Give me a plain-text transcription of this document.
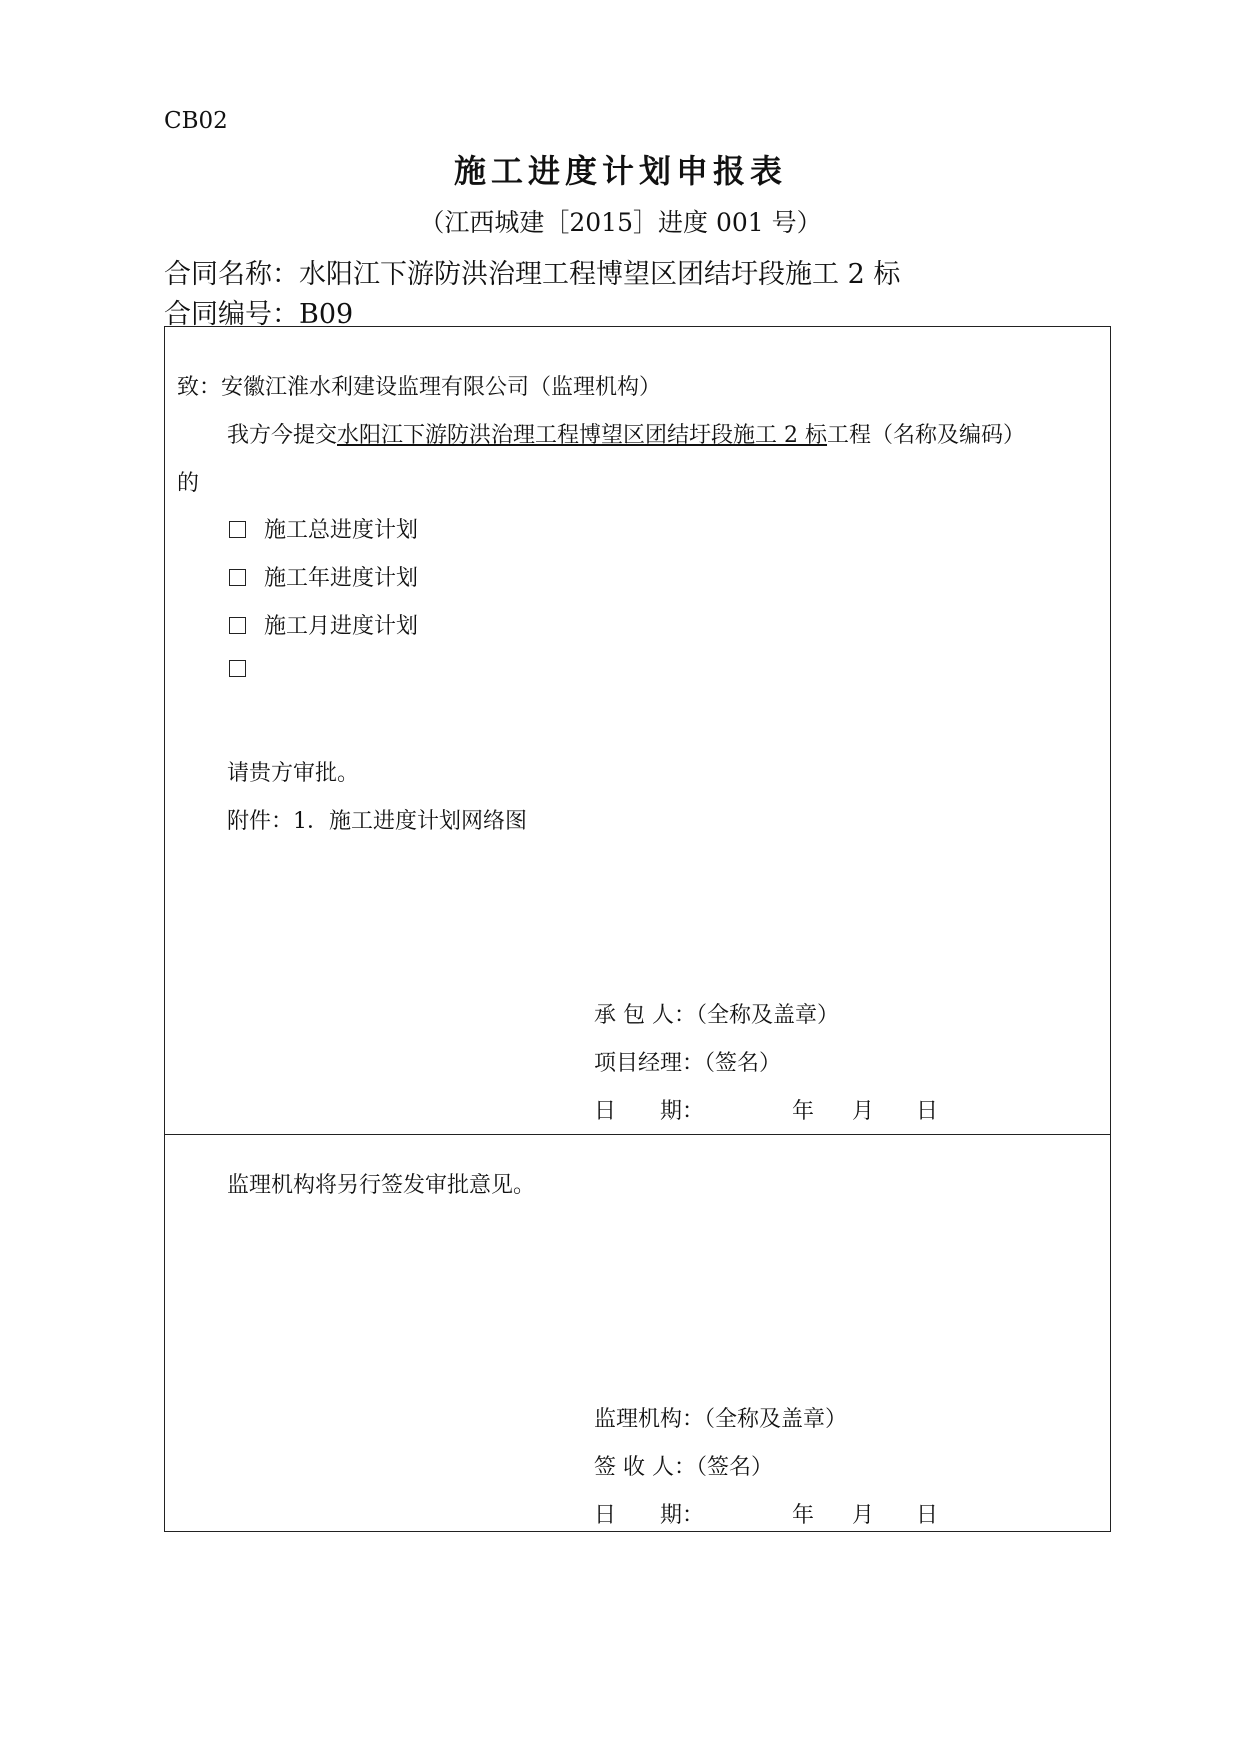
CB02
施工进度计划申报表
（江西城建［2015］进度 001 号）
合同名称：水阳江下游防洪治理工程博望区团结圩段施工 2 标
合同编号：B09
致：安徽江淮水利建设监理有限公司（监理机构）
我方今提交水阳江下游防洪治理工程博望区团结圩段施工 2 标工程（名称及编码）
的
施工总进度计划
施工年进度计划
施工月进度计划
请贵方审批。
附件：1．施工进度计划网络图
承 包 人：（全称及盖章）
项目经理：（签名）
日　　期：	年 月 日
监理机构将另行签发审批意见。
监理机构：（全称及盖章）
签 收 人：（签名）
日　　期：	年 月 日
